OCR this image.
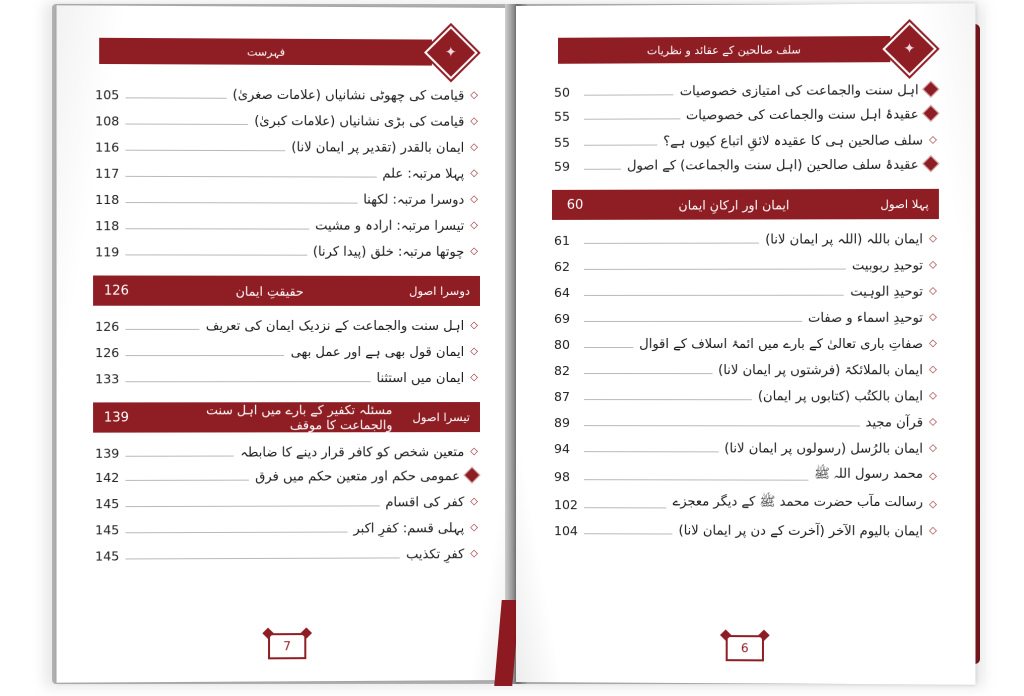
✦
فہرست
◇
قیامت کی چھوٹی نشانیاں (علامات صغریٰ)
105
◇
قیامت کی بڑی نشانیاں (علامات کبریٰ)
108
◇
ایمان بالقدر (تقدیر پر ایمان لانا)
116
◇
پہلا مرتبہ: علم
117
◇
دوسرا مرتبہ: لکھنا
118
◇
تیسرا مرتبہ: ارادہ و مشیت
118
◇
چوتھا مرتبہ: خلق (پیدا کرنا)
119
دوسرا اصول
حقیقتِ ایمان
126
◇
اہل سنت والجماعت کے نزدیک ایمان کی تعریف
126
◇
ایمان قول بھی ہے اور عمل بھی
126
◇
ایمان میں استثنا
133
تیسرا اصول
مسئلہ تکفیر کے بارے میں اہل سنت والجماعت کا موقف
139
◇
متعین شخص کو کافر قرار دینے کا ضابطہ
139
عمومی حکم اور متعین حکم میں فرق
142
◇
کفر کی اقسام
145
◇
پہلی قسم: کفرِ اکبر
145
◇
کفرِ تکذیب
145
7
✦
سلف صالحین کے عقائد و نظریات
اہل سنت والجماعت کی امتیازی خصوصیات
50
عقیدۂ اہل سنت والجماعت کی خصوصیات
55
◇
سلف صالحین ہی کا عقیدہ لائقِ اتباع کیوں ہے؟
55
عقیدۂ سلف صالحین (اہل سنت والجماعت) کے اصول
59
پہلا اصول
ایمان اور ارکانِ ایمان
60
◇
ایمان باللہ (اللہ پر ایمان لانا)
61
◇
توحیدِ ربوبیت
62
◇
توحیدِ الوہیت
64
◇
توحیدِ اسماء و صفات
69
◇
صفاتِ باری تعالیٰ کے بارے میں ائمۂ اسلاف کے اقوال
80
◇
ایمان بالملائکۃ (فرشتوں پر ایمان لانا)
82
◇
ایمان بالکتُب (کتابوں پر ایمان)
87
◇
قرآن مجید
89
◇
ایمان بالرُسل (رسولوں پر ایمان لانا)
94
◇
محمد رسول اللہ ﷺ
98
◇
رسالت مآب حضرت محمد ﷺ کے دیگر معجزے
102
◇
ایمان بالیوم الآخر (آخرت کے دن پر ایمان لانا)
104
6
